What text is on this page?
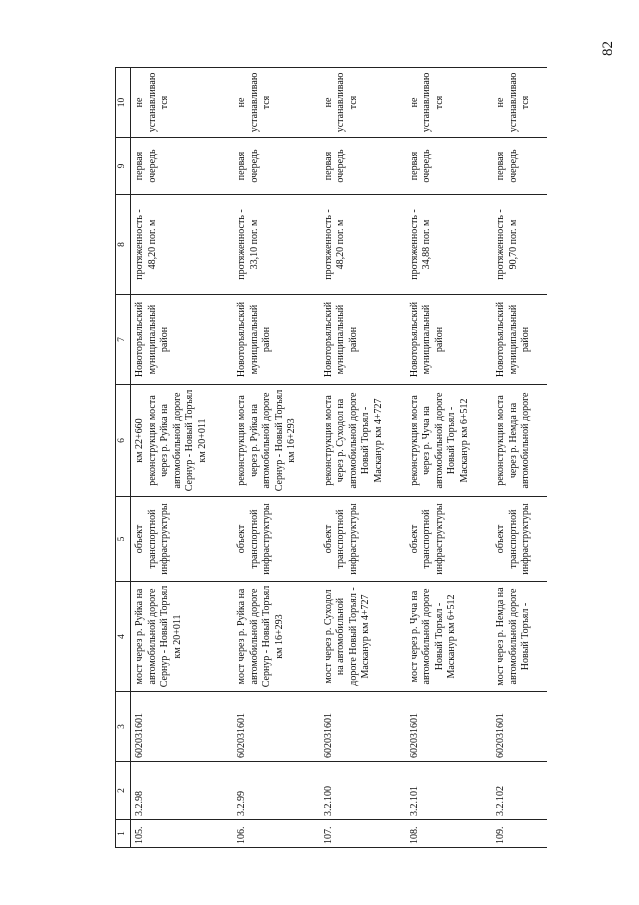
82
1	2	3	4	5	6	7	8	9	10
105.	3.2.98	602031601	мост через р. Руйка на автомобильной дороге Сернур - Новый Торъял км 20+011	объект транспортной инфраструктуры	км 22+660 реконструкция моста через р. Руйка на автомобильной дороге Сернур - Новый Торъял км 20+011	Новоторъяльский муниципальный район	протяженность - 48,20 пог. м	первая очередь	не устанавливаются
106.	3.2.99	602031601	мост через р. Руйка на автомобильной дороге Сернур - Новый Торъял км 16+293	объект транспортной инфраструктуры	реконструкция моста через р. Руйка на автомобильной дороге Сернур - Новый Торъял км 16+293	Новоторъяльский муниципальный район	протяженность - 33,10 пог. м	первая очередь	не устанавливаются
107.	3.2.100	602031601	мост через р. Суходол на автомобильной дороге Новый Торъял - Маскануp км 4+727	объект транспортной инфраструктуры	реконструкция моста через р. Суходол на автомобильной дороге Новый Торъял - Маскануp км 4+727	Новоторъяльский муниципальный район	протяженность - 48,20 пог. м	первая очередь	не устанавливаются
108.	3.2.101	602031601	мост через р. Чуча на автомобильной дороге Новый Торъял - Маскануp км 6+512	объект транспортной инфраструктуры	реконструкция моста через р. Чуча на автомобильной дороге Новый Торъял - Маскануp км 6+512	Новоторъяльский муниципальный район	протяженность - 34,88 пог. м	первая очередь	не устанавливаются
109.	3.2.102	602031601	мост через р. Немда на автомобильной дороге Новый Торъял -	объект транспортной инфраструктуры	реконструкция моста через р. Немда на автомобильной дороге	Новоторъяльский муниципальный район	протяженность - 90,70 пог. м	первая очередь	не устанавливаются
